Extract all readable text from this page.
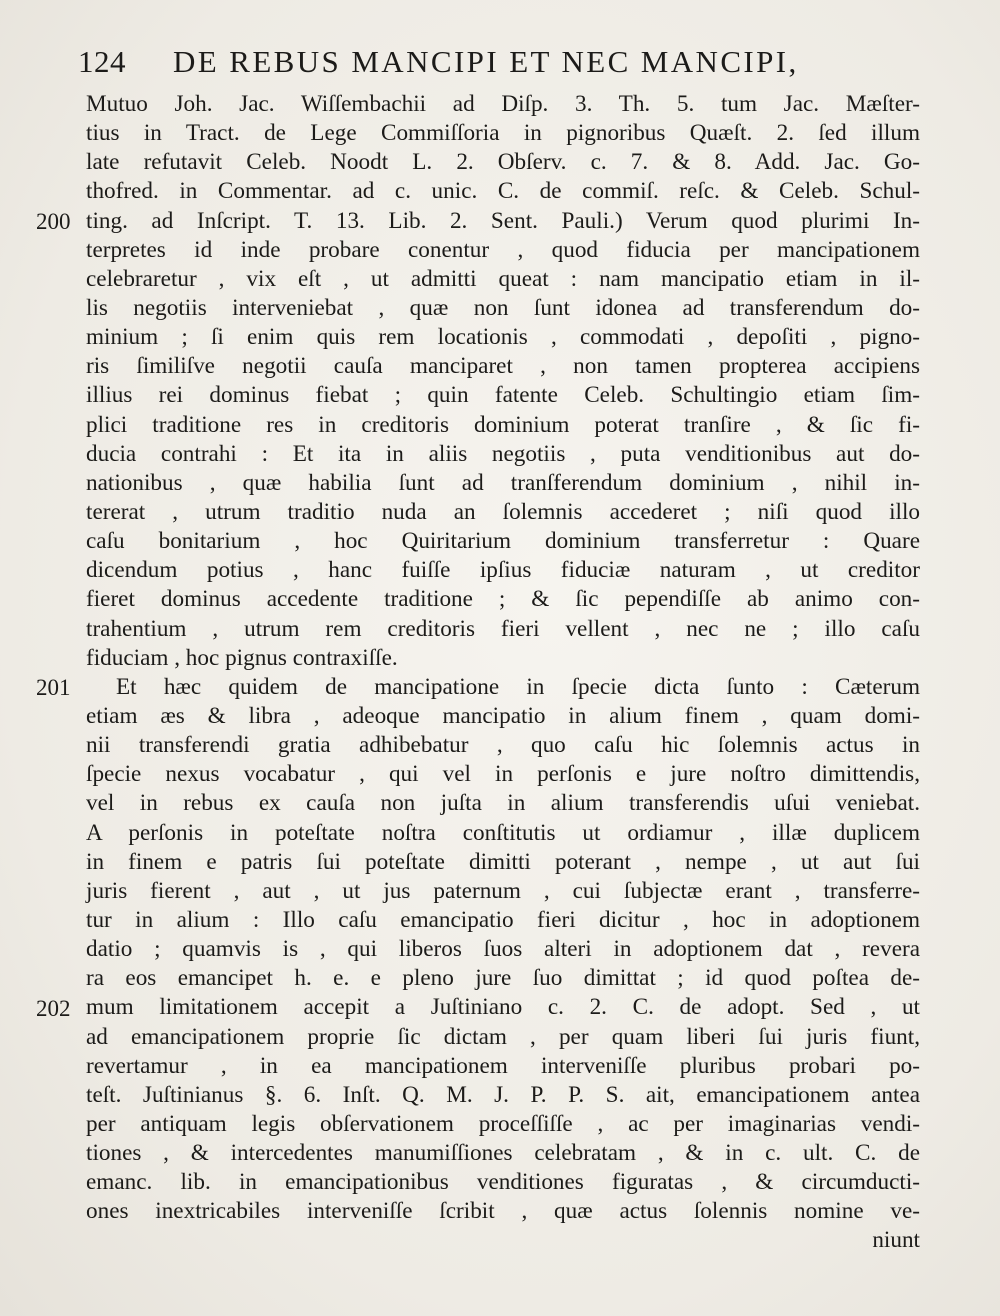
124 DE REBUS MANCIPI ET NEC MANCIPI,
200
201
202
Mutuo Joh. Jac. Wiſſembachii ad Diſp. 3. Th. 5. tum Jac. Mæſter-
tius in Tract. de Lege Commiſſoria in pignoribus Quæſt. 2. ſed illum
late refutavit Celeb. Noodt L. 2. Obſerv. c. 7. & 8. Add. Jac. Go-
thofred. in Commentar. ad c. unic. C. de commiſ. reſc. & Celeb. Schul-
ting. ad Inſcript. T. 13. Lib. 2. Sent. Pauli.) Verum quod plurimi In-
terpretes id inde probare conentur , quod fiducia per mancipationem
celebraretur , vix eſt , ut admitti queat : nam mancipatio etiam in il-
lis negotiis interveniebat , quæ non ſunt idonea ad transferendum do-
minium ; ſi enim quis rem locationis , commodati , depoſiti , pigno-
ris ſimiliſve negotii cauſa manciparet , non tamen propterea accipiens
illius rei dominus fiebat ; quin fatente Celeb. Schultingio etiam ſim-
plici traditione res in creditoris dominium poterat tranſire , & ſic fi-
ducia contrahi : Et ita in aliis negotiis , puta venditionibus aut do-
nationibus , quæ habilia ſunt ad tranſferendum dominium , nihil in-
tererat , utrum traditio nuda an ſolemnis accederet ; niſi quod illo
caſu bonitarium , hoc Quiritarium dominium transferretur : Quare
dicendum potius , hanc fuiſſe ipſius fiduciæ naturam , ut creditor
fieret dominus accedente traditione ; & ſic pependiſſe ab animo con-
trahentium , utrum rem creditoris fieri vellent , nec ne ; illo caſu
fiduciam , hoc pignus contraxiſſe.
Et hæc quidem de mancipatione in ſpecie dicta ſunto : Cæterum
etiam æs & libra , adeoque mancipatio in alium finem , quam domi-
nii transferendi gratia adhibebatur , quo caſu hic ſolemnis actus in
ſpecie nexus vocabatur , qui vel in perſonis e jure noſtro dimittendis,
vel in rebus ex cauſa non juſta in alium transferendis uſui veniebat.
A perſonis in poteſtate noſtra conſtitutis ut ordiamur , illæ duplicem
in finem e patris ſui poteſtate dimitti poterant , nempe , ut aut ſui
juris fierent , aut , ut jus paternum , cui ſubjectæ erant , transferre-
tur in alium : Illo caſu emancipatio fieri dicitur , hoc in adoptionem
datio ; quamvis is , qui liberos ſuos alteri in adoptionem dat , revera
ra eos emancipet h. e. e pleno jure ſuo dimittat ; id quod poſtea de-
mum limitationem accepit a Juſtiniano c. 2. C. de adopt. Sed , ut
ad emancipationem proprie ſic dictam , per quam liberi ſui juris fiunt,
revertamur , in ea mancipationem interveniſſe pluribus probari po-
teſt. Juſtinianus §. 6. Inſt. Q. M. J. P. P. S. ait, emancipationem antea
per antiquam legis obſervationem proceſſiſſe , ac per imaginarias vendi-
tiones , & intercedentes manumiſſiones celebratam , & in c. ult. C. de
emanc. lib. in emancipationibus venditiones figuratas , & circumducti-
ones inextricabiles interveniſſe ſcribit , quæ actus ſolennis nomine ve-
niunt
